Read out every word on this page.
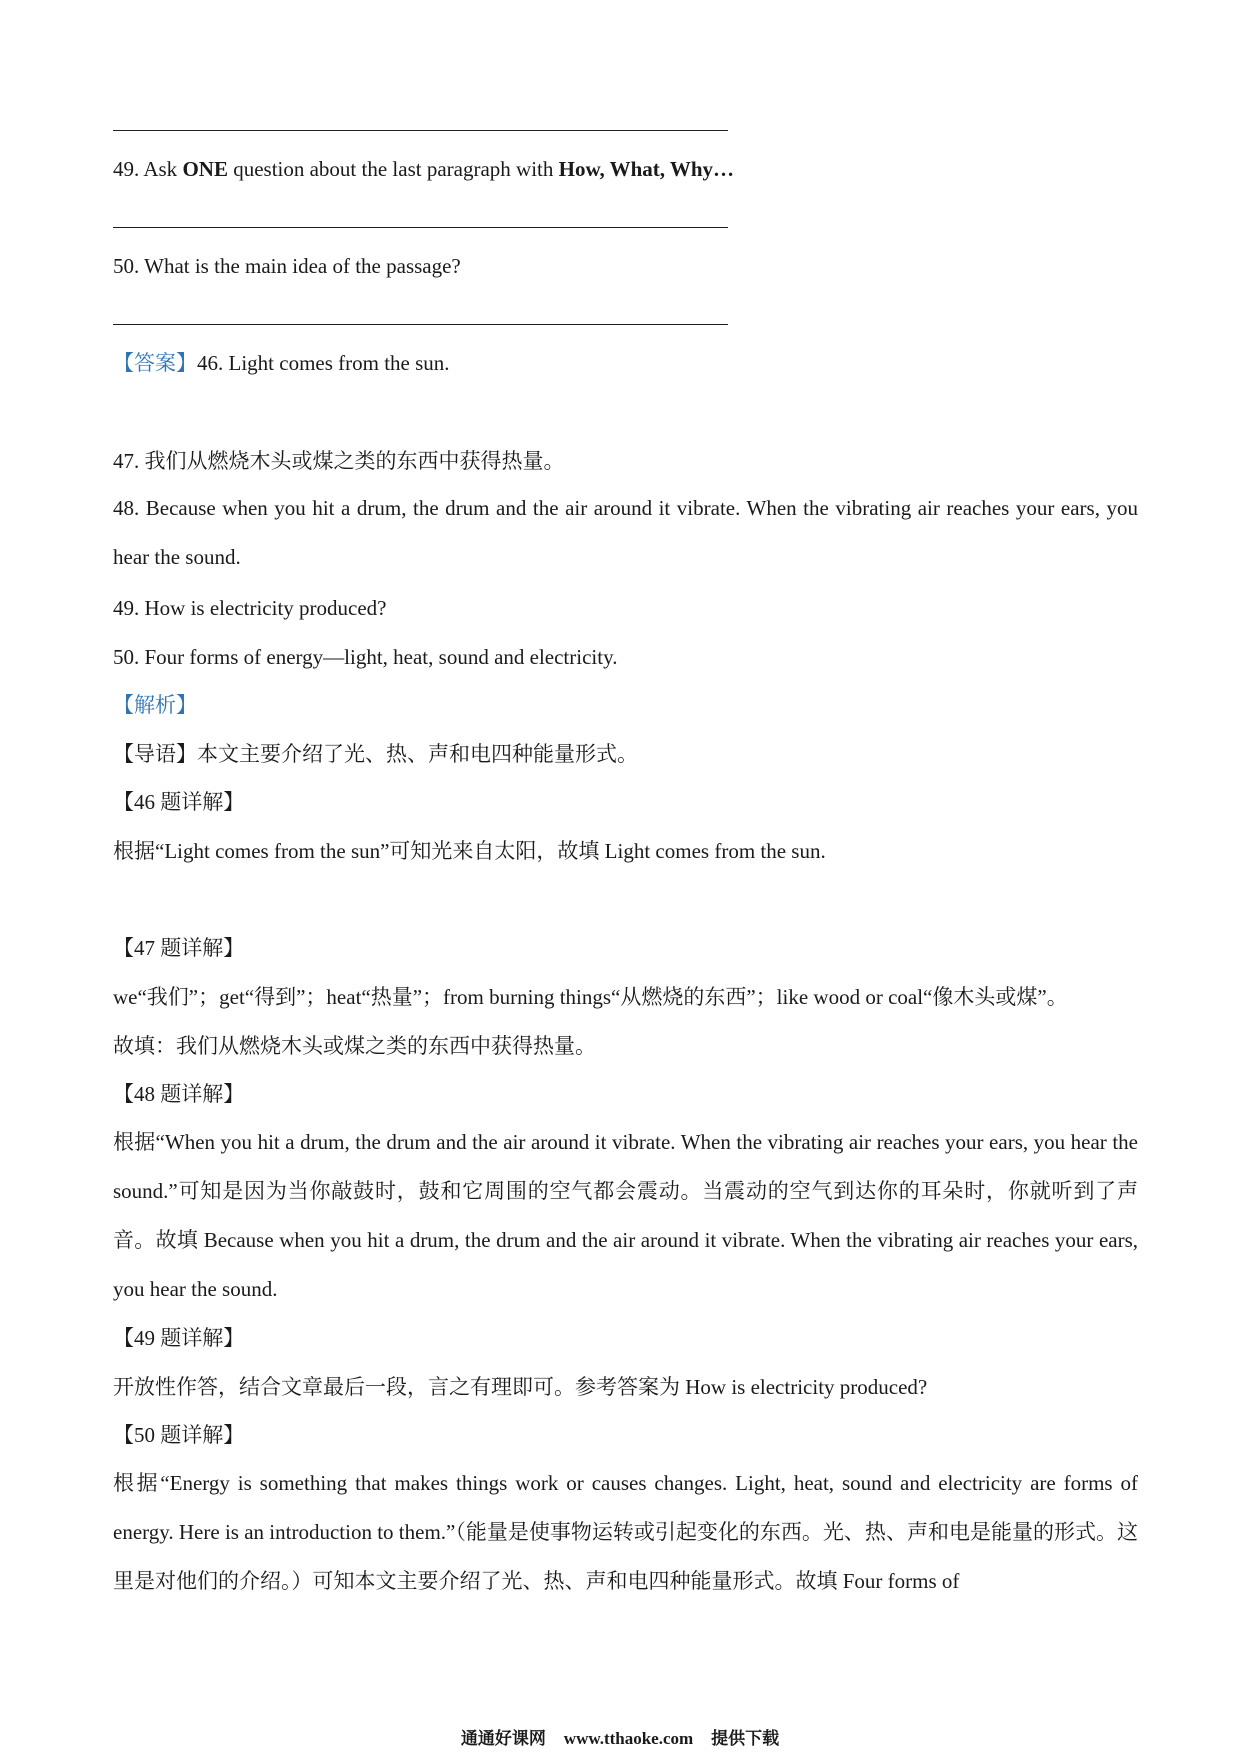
49. Ask ONE question about the last paragraph with How, What, Why…
50. What is the main idea of the passage?
【答案】46. Light comes from the sun.
47. 我们从燃烧木头或煤之类的东西中获得热量。
48. Because when you hit a drum, the drum and the air around it vibrate. When the vibrating air reaches your ears, you hear the sound.
49. How is electricity produced?
50. Four forms of energy—light, heat, sound and electricity.
【解析】
【导语】本文主要介绍了光、热、声和电四种能量形式。
【46 题详解】
根据“Light comes from the sun”可知光来自太阳，故填 Light comes from the sun.
【47 题详解】
we“我们”；get“得到”；heat“热量”；from burning things“从燃烧的东西”；like wood or coal“像木头或煤”。
故填：我们从燃烧木头或煤之类的东西中获得热量。
【48 题详解】
根据“When you hit a drum, the drum and the air around it vibrate. When the vibrating air reaches your ears, you hear the sound.”可知是因为当你敲鼓时，鼓和它周围的空气都会震动。当震动的空气到达你的耳朵时，你就听到了声音。故填 Because when you hit a drum, the drum and the air around it vibrate. When the vibrating air reaches your ears, you hear the sound.
【49 题详解】
开放性作答，结合文章最后一段，言之有理即可。参考答案为 How is electricity produced?
【50 题详解】
根据“Energy is something that makes things work or causes changes. Light, heat, sound and electricity are forms of energy. Here is an introduction to them.”（能量是使事物运转或引起变化的东西。光、热、声和电是能量的形式。这里是对他们的介绍。）可知本文主要介绍了光、热、声和电四种能量形式。故填 Four forms of
通通好课网 www.tthaoke.com 提供下载
